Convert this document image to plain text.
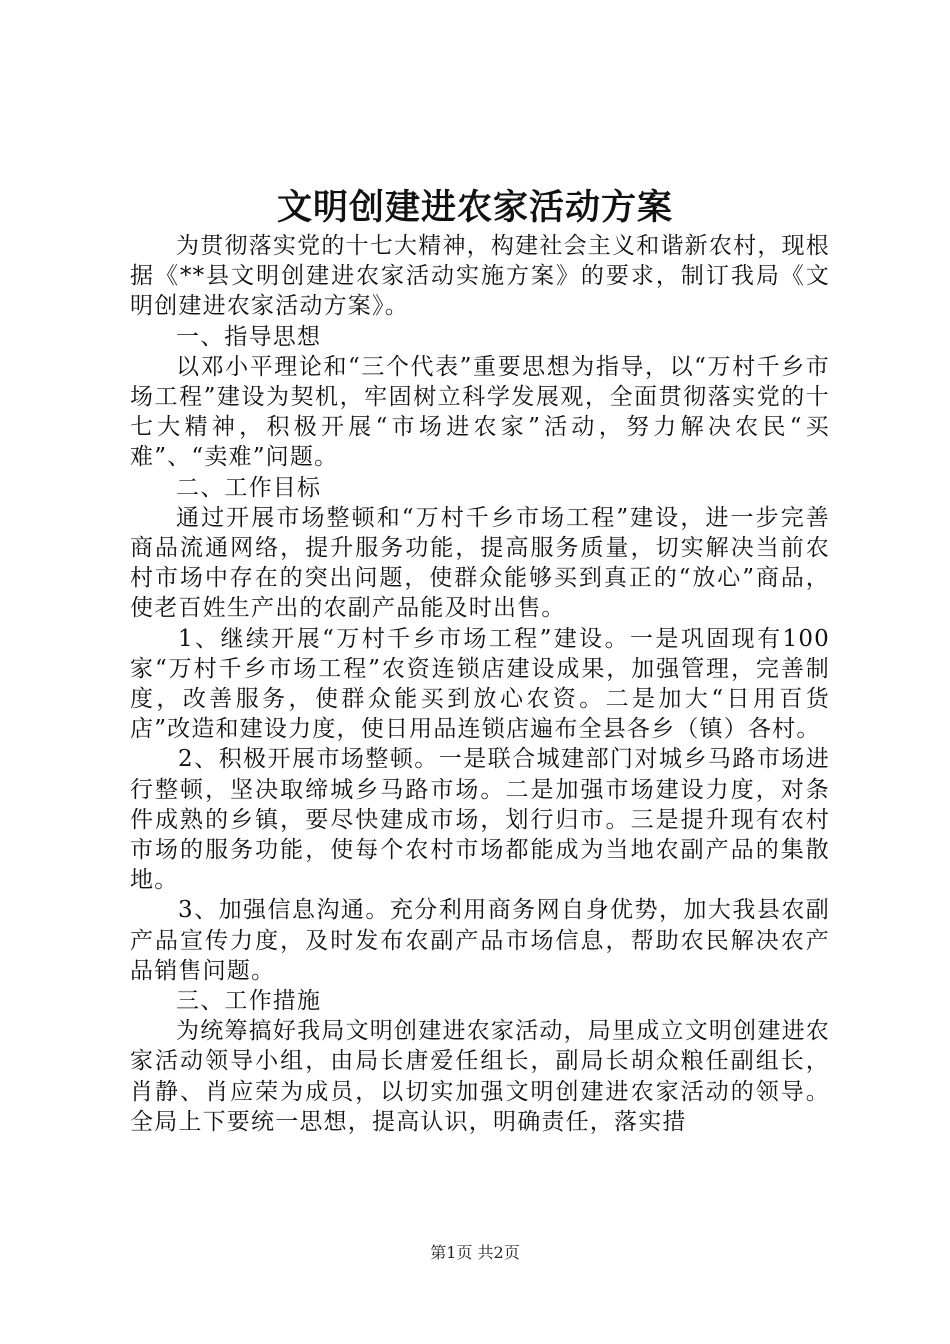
文明创建进农家活动方案

为贯彻落实党的十七大精神，构建社会主义和谐新农村，现根据《**县文明创建进农家活动实施方案》的要求，制订我局《文明创建进农家活动方案》。

一、指导思想

以邓小平理论和“三个代表”重要思想为指导，以“万村千乡市场工程”建设为契机，牢固树立科学发展观，全面贯彻落实党的十七大精神，积极开展“市场进农家”活动，努力解决农民“买难”、“卖难”问题。

二、工作目标

通过开展市场整顿和“万村千乡市场工程”建设，进一步完善商品流通网络，提升服务功能，提高服务质量，切实解决当前农村市场中存在的突出问题，使群众能够买到真正的“放心”商品，使老百姓生产出的农副产品能及时出售。

1、继续开展“万村千乡市场工程”建设。一是巩固现有100家“万村千乡市场工程”农资连锁店建设成果，加强管理，完善制度，改善服务，使群众能买到放心农资。二是加大“日用百货店”改造和建设力度，使日用品连锁店遍布全县各乡（镇）各村。

2、积极开展市场整顿。一是联合城建部门对城乡马路市场进行整顿，坚决取缔城乡马路市场。二是加强市场建设力度，对条件成熟的乡镇，要尽快建成市场，划行归市。三是提升现有农村市场的服务功能，使每个农村市场都能成为当地农副产品的集散地。

3、加强信息沟通。充分利用商务网自身优势，加大我县农副产品宣传力度，及时发布农副产品市场信息，帮助农民解决农产品销售问题。

三、工作措施

为统筹搞好我局文明创建进农家活动，局里成立文明创建进农家活动领导小组，由局长唐爱任组长，副局长胡众粮任副组长，肖静、肖应荣为成员，以切实加强文明创建进农家活动的领导。全局上下要统一思想，提高认识，明确责任，落实措

第1页 共2页
